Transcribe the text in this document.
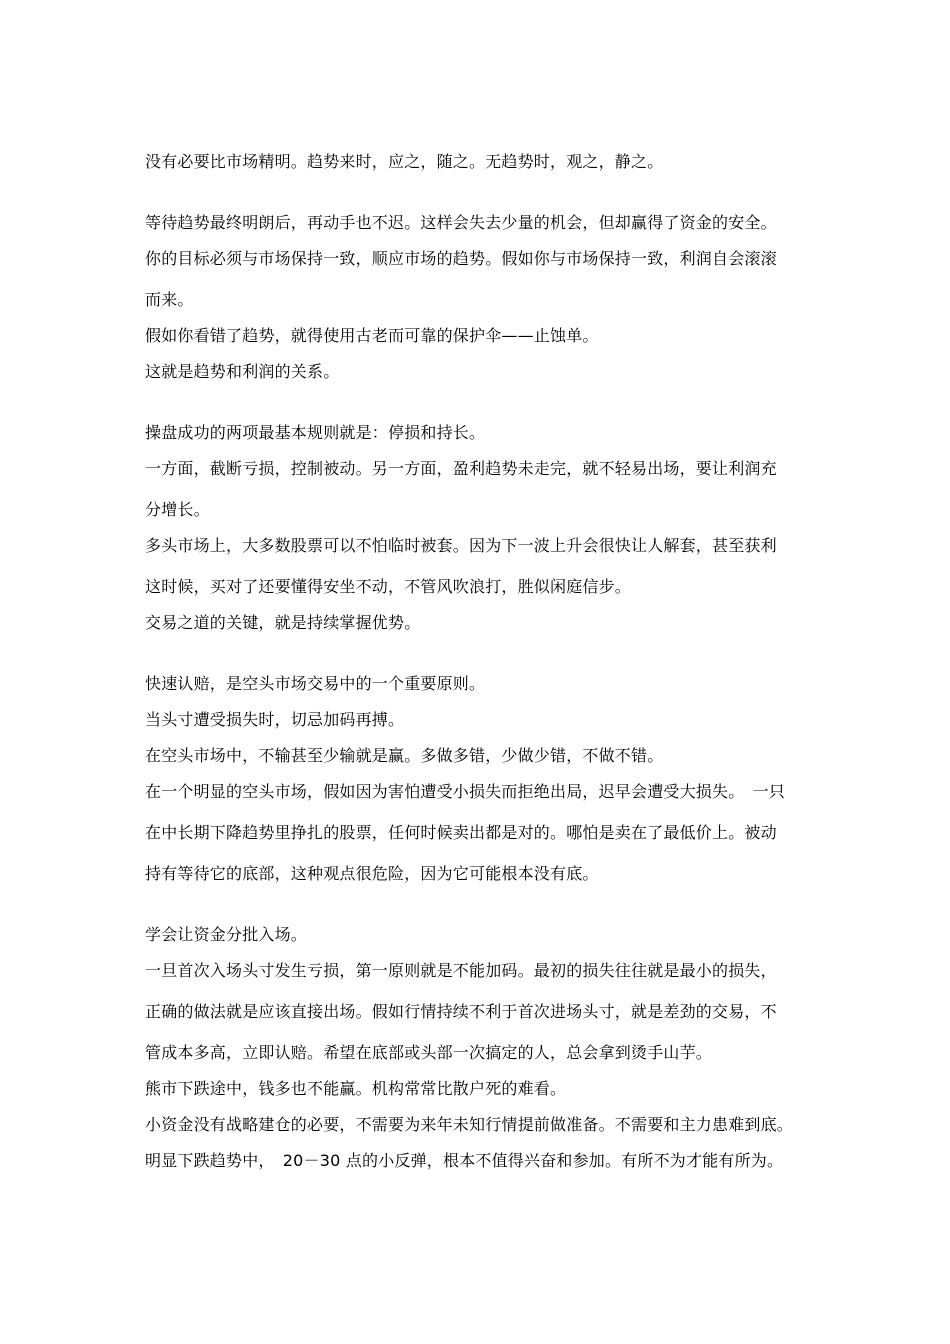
没有必要比市场精明。趋势来时，应之，随之。无趋势时，观之，静之。
等待趋势最终明朗后，再动手也不迟。这样会失去少量的机会，但却赢得了资金的安全。
你的目标必须与市场保持一致，顺应市场的趋势。假如你与市场保持一致，利润自会滚滚
而来。
假如你看错了趋势，就得使用古老而可靠的保护伞——止蚀单。
这就是趋势和利润的关系。
操盘成功的两项最基本规则就是：停损和持长。
一方面，截断亏损，控制被动。另一方面，盈利趋势未走完，就不轻易出场，要让利润充
分增长。
多头市场上，大多数股票可以不怕临时被套。因为下一波上升会很快让人解套，甚至获利
这时候，买对了还要懂得安坐不动，不管风吹浪打，胜似闲庭信步。
交易之道的关键，就是持续掌握优势。
快速认赔，是空头市场交易中的一个重要原则。
当头寸遭受损失时，切忌加码再搏。
在空头市场中，不输甚至少输就是赢。多做多错，少做少错，不做不错。
在一个明显的空头市场，假如因为害怕遭受小损失而拒绝出局，迟早会遭受大损失。　一只
在中长期下降趋势里挣扎的股票，任何时候卖出都是对的。哪怕是卖在了最低价上。被动
持有等待它的底部，这种观点很危险，因为它可能根本没有底。
学会让资金分批入场。
一旦首次入场头寸发生亏损，第一原则就是不能加码。最初的损失往往就是最小的损失，
正确的做法就是应该直接出场。假如行情持续不利于首次进场头寸，就是差劲的交易，不
管成本多高，立即认赔。希望在底部或头部一次搞定的人，总会拿到烫手山芋。
熊市下跌途中，钱多也不能赢。机构常常比散户死的难看。
小资金没有战略建仓的必要，不需要为来年未知行情提前做准备。不需要和主力患难到底。
明显下跌趋势中，　20－30 点的小反弹，根本不值得兴奋和参加。有所不为才能有所为。
